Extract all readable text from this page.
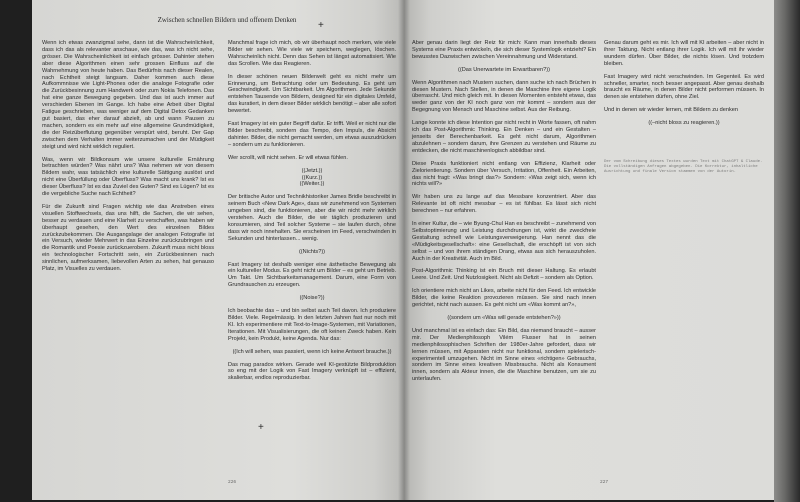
Zwischen schnellen Bildern und offenem Denken	+

Wenn ich etwas zwanzigmal sehe, dann ist die Wahrscheinlichkeit, dass ich das als relevanter anschaue, wie das, was ich nicht sehe, grösser. Die Wahrscheinlichkeit ist einfach grösser. Dahinter stehen aber diese Algorithmen einen sehr grossen Einfluss auf die Wahrnehmung von heute haben. Das Bedürfnis nach dieser Realen, nach Echtheit steigt langsam. Daher kommen auch diese Aufkommnisse wie Light-Phones oder die analoge Fotografie oder die Zurückbesinnung zum Handwerk oder zum Nokia Telefonen. Das hat eine ganze Bewegung gegeben. Und das ist auch immer auf verschieden Ebenen im Gange. Ich habe eine Arbeit über Digital Fatigue geschrieben, was weniger auf dem Digital Detox Gedanken gut basiert, das eher darauf abzielt, ab und wann Pausen zu machen, sondern es ein mehr auf eine allgemeine Grundmüdigkeit, die der Reizüberflutung gegenüber verspürt wird, beruht. Der Gap zwischen dem Verhalten immer weiterzumachen und der Müdigkeit steigt und wird nicht wirklich reguliert.

Was, wenn wir Bildkonsum wie unsere kulturelle Ernährung betrachten würden? Was nährt uns? Was nehmen wir von diesem Bildern wahr, was tatsächlich eine kulturelle Sättigung auslöst und nicht eine Überfüllung oder Überfluss? Was macht uns krank? Ist es dieser Überfluss? Ist es das Zuviel des Guten? Sind es Lügen? Ist es die vergebliche Suche nach Echtheit?

Für die Zukunft sind Fragen wichtig wie das Anstreben eines visuellen Stoffwechsels, das uns hilft, die Sachen, die wir sehen, besser zu verdauen und eine Klarheit zu verschaffen, was haben wir überhaupt gesehen, den Wert des einzelnen Bildes zurückzubekommen. Die Ausgangslage der analogen Fotografie ist ein Versuch, wieder Mehrwert in das Einzelne zurückzubringen und die Romantik und Poesie zurückzuerobern. Zukunft muss nicht bloss ein technologischer Fortschritt sein, ein Zurückbesinnen nach sinnlichen, aufmerksamen, liebevollen Arten zu sehen, hat genauso Platz, im Visuelles zu verdauen.

Manchmal frage ich mich, ob wir überhaupt noch merken, wie viele Bilder wir sehen. Wie viele wir speichern, weglegen, löschen. Wahrscheinlich nicht. Denn das Sehen ist längst automatisiert. Wie das Scrollen. Wie das Reagieren.

In dieser schönen neuen Bilderwelt geht es nicht mehr um Erinnerung, um Betrachtung oder um Bedeutung. Es geht um Geschwindigkeit. Um Sichtbarkeit. Um Algorithmen. Jede Sekunde entstehen Tausende von Bildern, designed für ein digitales Umfeld, das kuratiert, in dem dieser Bilder wirklich benötigt – aber alle sofort bewertet.

Fast Imagery ist ein guter Begriff dafür. Er trifft. Weil er nicht nur die Bilder beschreibt, sondern das Tempo, den Impuls, die Absicht dahinter. Bilder, die nicht gemacht werden, um etwas auszudrücken – sondern um zu funktionieren.

Wer scrollt, will nicht sehen. Er will etwas fühlen.

((Jetzt.))
((Kurz.))
((Weiter.))

Der britische Autor und Technikhistoriker James Bridle beschreibt in seinem Buch «New Dark Age», dass wir zunehmend von Systemen umgeben sind, die funktionieren, aber die wir nicht mehr wirklich verstehen. Auch die Bilder, die wir täglich produzieren und konsumieren, sind Teil solcher Systeme – sie laufen durch, ohne dass wir noch innehalten. Sie erscheinen im Feed, verschwinden in Sekunden und hinterlassen... wenig.

((Nichts?))

Fast Imagery ist deshalb weniger eine ästhetische Bewegung als ein kultureller Modus. Es geht nicht um Bilder – es geht um Betrieb. Um Takt. Um Sichtbarkeitsmanagement. Darum, eine Form von Grundrauschen zu erzeugen.

((Noise?))

Ich beobachte das – und bin selbst auch Teil davon. Ich produziere Bilder. Viele. Regelmässig. In den letzten Jahren fast nur noch mit KI. Ich experimentiere mit Text-to-Image-Systemen, mit Variationen, Iterationen. Mit Visualisierungen, die oft keinen Zweck haben. Kein Projekt, kein Produkt, keine Agenda. Nur das:

((Ich will sehen, was passiert, wenn ich keine Antwort brauche.))

Das mag paradox wirken. Gerade weil KI-gestützte Bildproduktion so eng mit der Logik von Fast Imagery verknüpft ist – effizient, skalierbar, endlos reproduzierbar.

+
226

Aber genau darin liegt der Reiz für mich: Kann man innerhalb dieses Systems eine Praxis entwickeln, die sich dieser Systemlogik entzieht? Ein bewusstes Dazwischen zwischen Vereinnahmung und Widerstand.

((Das Unerwartete im Erwartbaren?))

Wenn Algorithmen nach Mustern suchen, dann suche ich nach Brüchen in diesen Mustern. Nach Stellen, in denen die Maschine ihre eigene Logik überrascht. Und mich gleich mit. In diesen Momenten entsteht etwas, das weder ganz von der KI noch ganz von mir kommt – sondern aus der Begegnung von Mensch und Maschine selbst. Aus der Reibung.

Lange konnte ich diese Intention gar nicht recht in Worte fassen, oft nahm ich das Post-Algorithmic Thinking. Ein Denken – und ein Gestalten – jenseits der Berechenbarkeit. Es geht nicht darum, Algorithmen abzulehnen – sondern darum, ihre Grenzen zu verstehen und Räume zu entdecken, die nicht maschinenlogisch abbildbar sind.

Diese Praxis funktioniert nicht entlang von Effizienz, Klarheit oder Zielorientierung. Sondern über Versuch, Irritation, Offenheit. Ein Arbeiten, das nicht fragt: «Was bringt das?» Sondern: «Was zeigt sich, wenn ich nichts will?»

Wir haben uns zu lange auf das Messbare konzentriert. Aber das Relevante ist oft nicht messbar – es ist fühlbar. Es lässt sich nicht berechnen – nur erfahren.

In einer Kultur, die – wie Byung-Chul Han es beschreibt – zunehmend von Selbstoptimierung und Leistung durchdrungen ist, wirkt die zweckfreie Gestaltung schnell wie Leistungsverweigerung. Han nennt das die «Müdigkeitsgesellschaft»: eine Gesellschaft, die erschöpft ist von sich selbst – und von ihrem ständigen Drang, etwas aus sich herauszuholen. Auch in der Kreativität. Auch im Bild.

Post-Algorithmic Thinking ist ein Bruch mit dieser Haltung. Es erlaubt Leere. Und Zeit. Und Nutzlosigkeit. Nicht als Defizit – sondern als Option.

Ich orientiere mich nicht an Likes, arbeite nicht für den Feed. Ich entwickle Bilder, die keine Reaktion provozieren müssen. Sie sind nach innen gerichtet, nicht nach aussen. Es geht nicht um «Was kommt an?»,

((sondern um «Was will gerade entstehen?»))

Und manchmal ist es einfach das: Ein Bild, das niemand braucht – ausser mir. Der Medienphilosoph Vilém Flusser hat in seinen medienphilosophischen Schriften der 1980er-Jahre gefordert, dass wir lernen müssen, mit Apparaten nicht nur funktional, sondern spielerisch-experimentell umzugehen. Nicht im Sinne eines «richtigen» Gebrauchs, sondern im Sinne eines kreativen Missbrauchs. Nicht als Konsument innen, sondern als Akteur innen, die die Maschine benutzen, um sie zu unterlaufen.

Genau darum geht es mir. Ich will mit KI arbeiten – aber nicht in ihrer Taktung. Nicht entlang ihrer Logik. Ich will mit ihr wieder wundern dürfen. Über Bilder, die nichts lösen. Und trotzdem bleiben.

Fast Imagery wird nicht verschwinden. Im Gegenteil. Es wird schneller, smarter, noch besser angepasst. Aber genau deshalb braucht es Räume, in denen Bilder nicht performen müssen. In denen sie entstehen dürfen, ohne Ziel.

Und in denen wir wieder lernen, mit Bildern zu denken

((–nicht bloss zu reagieren.))

Der vom Schreibung dieses Textes wurden Text mit ChatGPT & Claude. Die vollständigen Anfragen abgegeben. Die Korrektur, inhaltliche Ausrichtung und finale Version stammen von der Autorin.
227
